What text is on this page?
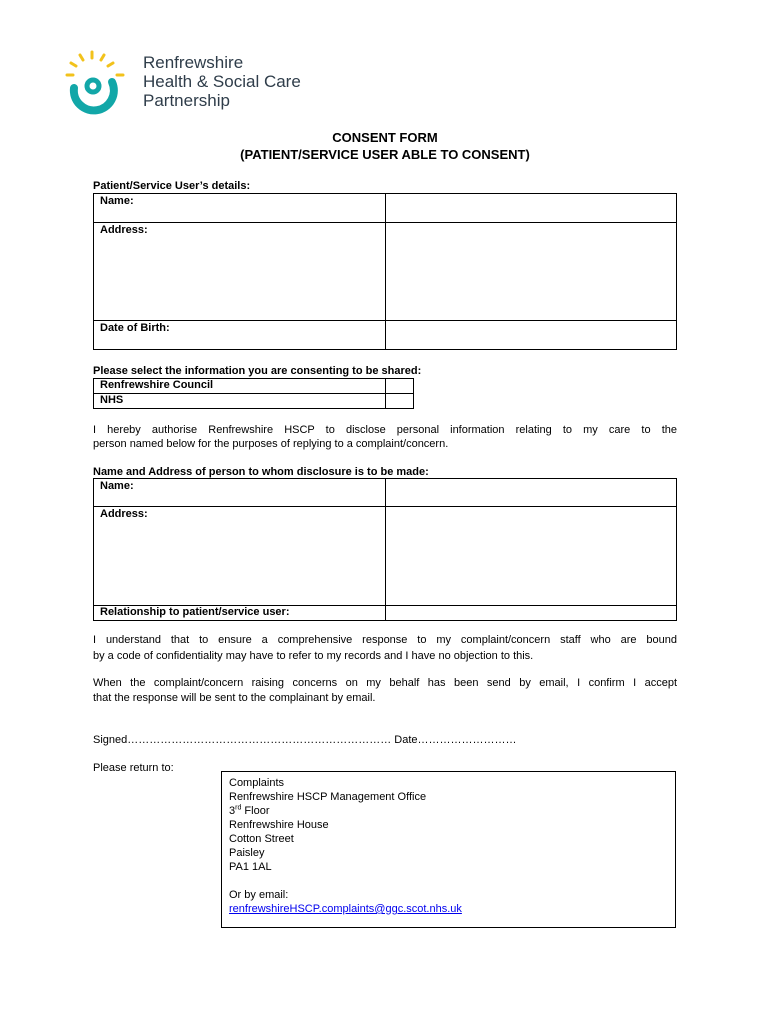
Renfrewshire
Health & Social Care
Partnership
CONSENT FORM
(PATIENT/SERVICE USER ABLE TO CONSENT)
Patient/Service User’s details:
Name:	
Address:	
Date of Birth:	
Please select the information you are consenting to be shared:
Renfrewshire Council	
NHS	
I hereby authorise Renfrewshire HSCP to disclose personal information relating to my care to the
person named below for the purposes of replying to a complaint/concern.
Name and Address of person to whom disclosure is to be made:
Name:	
Address:	
Relationship to patient/service user:	
I understand that to ensure a comprehensive response to my complaint/concern staff who are bound
by a code of confidentiality may have to refer to my records and I have no objection to this.
When the complaint/concern raising concerns on my behalf has been send by email, I confirm I accept
that the response will be sent to the complainant by email.
Signed……………………………………………………………… Date………………………
Please return to:
Complaints
Renfrewshire HSCP Management Office
3rd Floor
Renfrewshire House
Cotton Street
Paisley
PA1 1AL
Or by email:
renfrewshireHSCP.complaints@ggc.scot.nhs.uk
